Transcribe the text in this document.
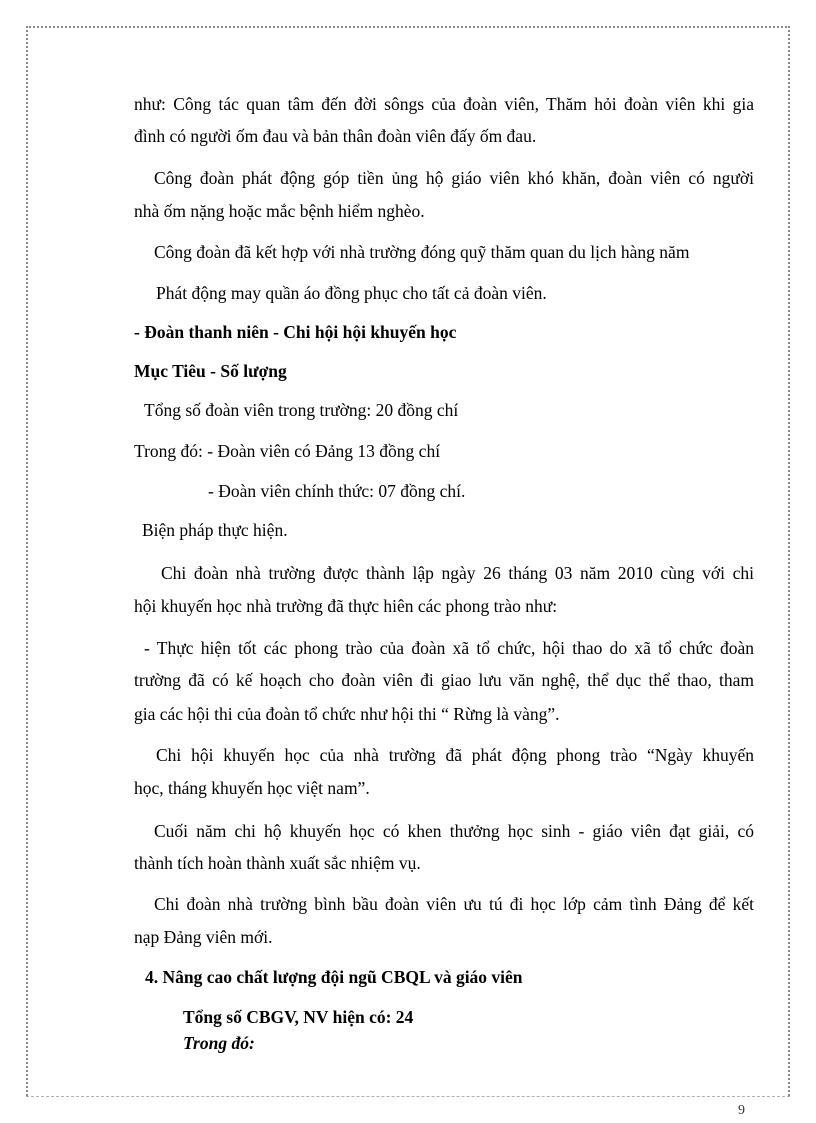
như: Công tác quan tâm đến đời sôngs của đoàn viên, Thăm hỏi đoàn viên khi gia
đình có người ốm đau và bản thân đoàn viên đấy ốm đau.
Công đoàn phát động góp tiền ủng hộ giáo viên khó khăn, đoàn viên có người
nhà ốm nặng hoặc mắc bệnh hiểm nghèo.
Công đoàn đã kết hợp với nhà trường đóng quỹ thăm quan du lịch hàng năm
Phát động may quần áo đồng phục cho tất cả đoàn viên.
- Đoàn thanh niên - Chi hội hội khuyến học
Mục Tiêu - Số lượng
Tổng số đoàn viên trong trường: 20 đồng chí
Trong đó: - Đoàn viên có Đảng 13 đồng chí
- Đoàn viên chính thức: 07 đồng chí.
Biện pháp thực hiện.
Chi đoàn nhà trường được thành lập ngày 26 tháng 03 năm 2010 cùng với chi
hội khuyến học nhà trường đã thực hiên các phong trào như:
- Thực hiện tốt các phong trào của đoàn xã tổ chức, hội thao do xã tổ chức đoàn
trường đã có kế hoạch cho đoàn viên đi giao lưu văn nghệ, thể dục thể thao, tham
gia các hội thi của đoàn tổ chức như hội thi “ Rừng là vàng”.
Chi hội khuyến học của nhà trường đã phát động phong trào “Ngày khuyến
học, tháng khuyến học việt nam”.
Cuối năm chi hộ khuyến học có khen thưởng học sinh - giáo viên đạt giải, có
thành tích hoàn thành xuất sắc nhiệm vụ.
Chi đoàn nhà trường bình bầu đoàn viên ưu tú đi học lớp cảm tình Đảng để kết
nạp Đảng viên mới.
4. Nâng cao chất lượng đội ngũ CBQL và giáo viên
Tổng số CBGV, NV hiện có: 24
Trong đó:
9
